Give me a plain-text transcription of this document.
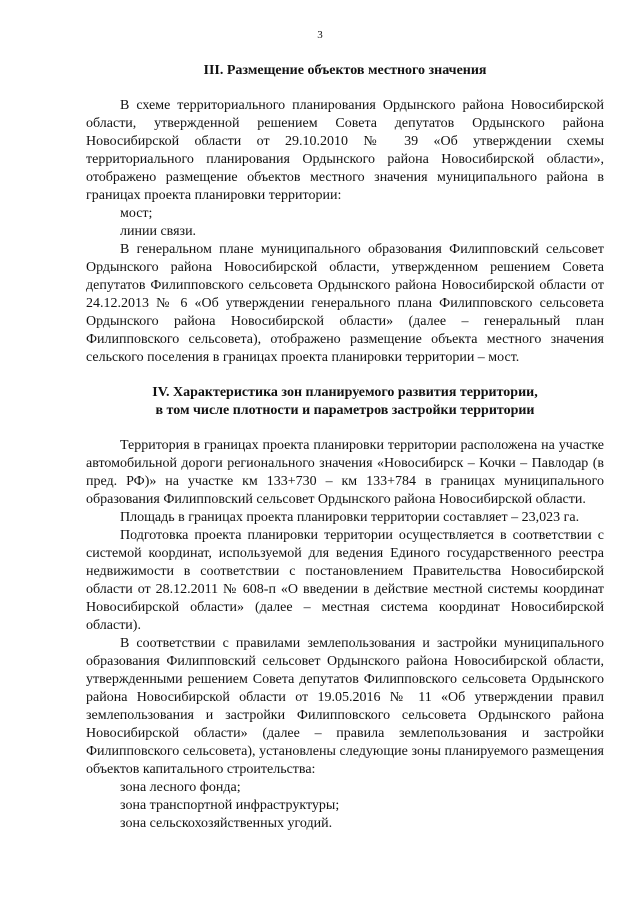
3
III. Размещение объектов местного значения

В схеме территориального планирования Ордынского района Новосибирской области, утвержденной решением Совета депутатов Ордынского района Новосибирской области от 29.10.2010 № 39 «Об утверждении схемы территориального планирования Ордынского района Новосибирской области», отображено размещение объектов местного значения муниципального района в границах проекта планировки территории:

мост;
линии связи.

В генеральном плане муниципального образования Филипповский сельсовет Ордынского района Новосибирской области, утвержденном решением Совета депутатов Филипповского сельсовета Ордынского района Новосибирской области от 24.12.2013 № 6 «Об утверждении генерального плана Филипповского сельсовета Ордынского района Новосибирской области» (далее – генеральный план Филипповского сельсовета), отображено размещение объекта местного значения сельского поселения в границах проекта планировки территории – мост.

IV. Характеристика зон планируемого развития территории,
в том числе плотности и параметров застройки территории

Территория в границах проекта планировки территории расположена на участке автомобильной дороги регионального значения «Новосибирск – Кочки – Павлодар (в пред. РФ)» на участке км 133+730 – км 133+784 в границах муниципального образования Филипповский сельсовет Ордынского района Новосибирской области.

Площадь в границах проекта планировки территории составляет – 23,023 га.

Подготовка проекта планировки территории осуществляется в соответствии с системой координат, используемой для ведения Единого государственного реестра недвижимости в соответствии с постановлением Правительства Новосибирской области от 28.12.2011 № 608-п «О введении в действие местной системы координат Новосибирской области» (далее – местная система координат Новосибирской области).

В соответствии с правилами землепользования и застройки муниципального образования Филипповский сельсовет Ордынского района Новосибирской области, утвержденными решением Совета депутатов Филипповского сельсовета Ордынского района Новосибирской области от 19.05.2016 № 11 «Об утверждении правил землепользования и застройки Филипповского сельсовета Ордынского района Новосибирской области» (далее – правила землепользования и застройки Филипповского сельсовета), установлены следующие зоны планируемого размещения объектов капитального строительства:

зона лесного фонда;
зона транспортной инфраструктуры;
зона сельскохозяйственных угодий.
